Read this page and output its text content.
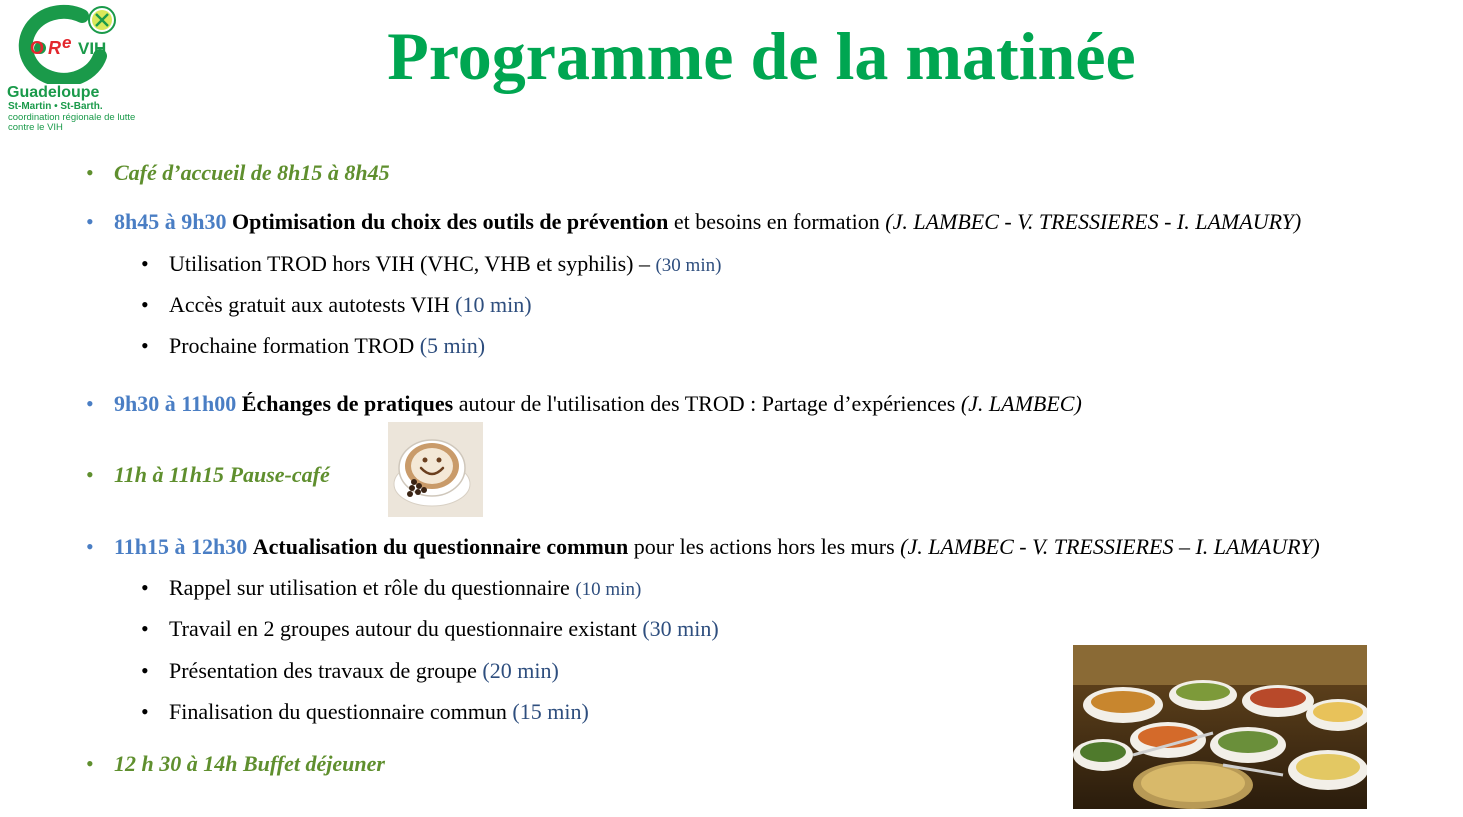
O R e VIH
Guadeloupe
St-Martin • St-Barth.
coordination régionale de lutte contre le VIH
Programme de la matinée
• Café d’accueil de 8h15 à 8h45
• 8h45 à 9h30 Optimisation du choix des outils de prévention et besoins en formation (J. LAMBEC - V. TRESSIERES - I. LAMAURY)
• Utilisation TROD hors VIH (VHC, VHB et syphilis) – (30 min)
• Accès gratuit aux autotests VIH (10 min)
• Prochaine formation TROD (5 min)
• 9h30 à 11h00 Échanges de pratiques autour de l'utilisation des TROD : Partage d’expériences (J. LAMBEC)
• 11h à 11h15 Pause-café
• 11h15 à 12h30 Actualisation du questionnaire commun pour les actions hors les murs (J. LAMBEC - V. TRESSIERES – I. LAMAURY)
• Rappel sur utilisation et rôle du questionnaire (10 min)
• Travail en 2 groupes autour du questionnaire existant (30 min)
• Présentation des travaux de groupe (20 min)
• Finalisation du questionnaire commun (15 min)
• 12 h 30 à 14h Buffet déjeuner
